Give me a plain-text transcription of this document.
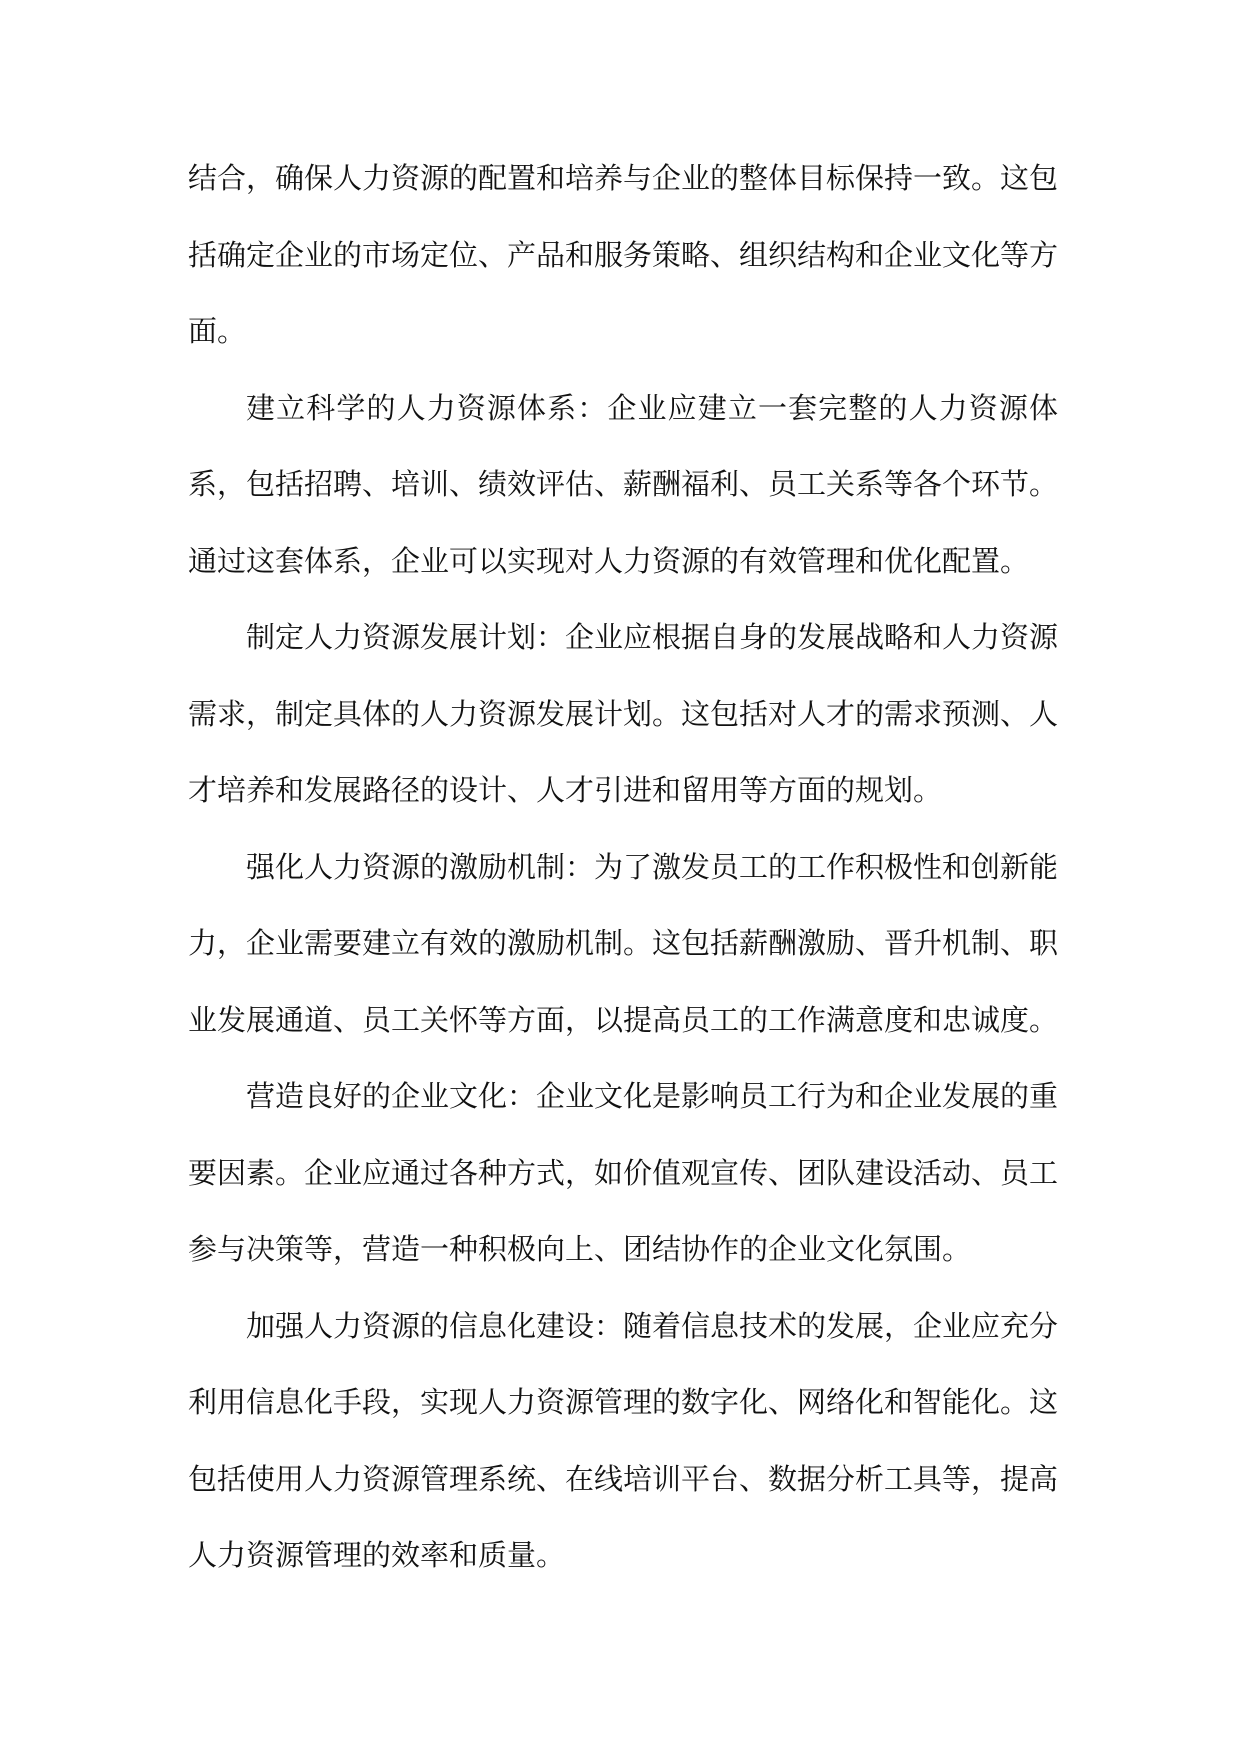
结合，确保人力资源的配置和培养与企业的整体目标保持一致。这包括确定企业的市场定位、产品和服务策略、组织结构和企业文化等方面。

建立科学的人力资源体系：企业应建立一套完整的人力资源体系，包括招聘、培训、绩效评估、薪酬福利、员工关系等各个环节。通过这套体系，企业可以实现对人力资源的有效管理和优化配置。

制定人力资源发展计划：企业应根据自身的发展战略和人力资源需求，制定具体的人力资源发展计划。这包括对人才的需求预测、人才培养和发展路径的设计、人才引进和留用等方面的规划。

强化人力资源的激励机制：为了激发员工的工作积极性和创新能力，企业需要建立有效的激励机制。这包括薪酬激励、晋升机制、职业发展通道、员工关怀等方面，以提高员工的工作满意度和忠诚度。

营造良好的企业文化：企业文化是影响员工行为和企业发展的重要因素。企业应通过各种方式，如价值观宣传、团队建设活动、员工参与决策等，营造一种积极向上、团结协作的企业文化氛围。

加强人力资源的信息化建设：随着信息技术的发展，企业应充分利用信息化手段，实现人力资源管理的数字化、网络化和智能化。这包括使用人力资源管理系统、在线培训平台、数据分析工具等，提高人力资源管理的效率和质量。
